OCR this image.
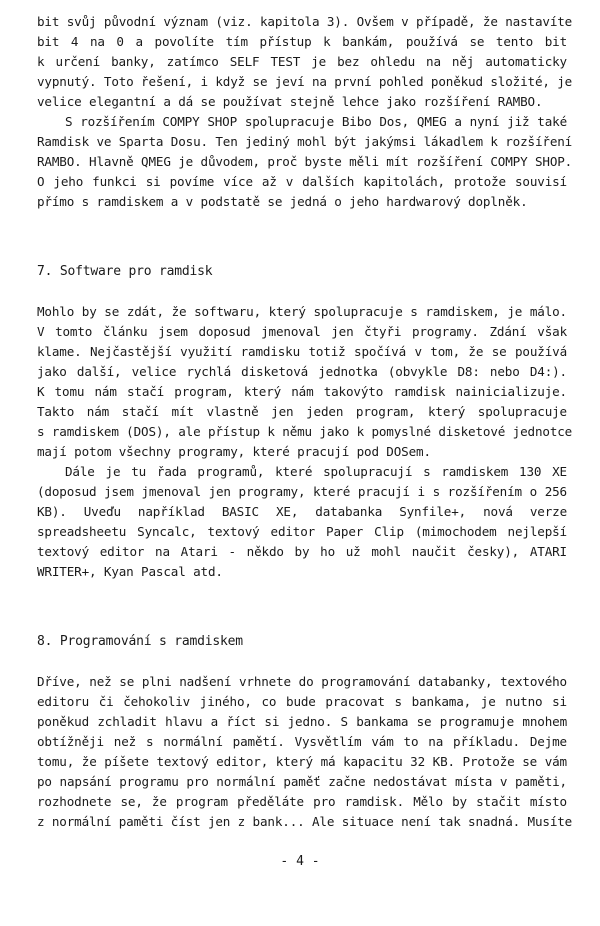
bit svůj původní význam (viz. kapitola 3). Ovšem v případě, že nastavíte
bit 4 na 0 a povolíte tím přístup k bankám, používá se tento bit
k určení banky, zatímco SELF TEST je bez ohledu na něj automaticky
vypnutý. Toto řešení, i když se jeví na první pohled poněkud složité, je
velice elegantní a dá se používat stejně lehce jako rozšíření RAMBO.
S rozšířením COMPY SHOP spolupracuje Bibo Dos, QMEG a nyní již také
Ramdisk ve Sparta Dosu. Ten jediný mohl být jakýmsi lákadlem k rozšíření
RAMBO. Hlavně QMEG je důvodem, proč byste měli mít rozšíření COMPY SHOP.
O jeho funkci si povíme více až v dalších kapitolách, protože souvisí
přímo s ramdiskem a v podstatě se jedná o jeho hardwarový doplněk.
7. Software pro ramdisk
Mohlo by se zdát, že softwaru, který spolupracuje s ramdiskem, je málo.
V tomto článku jsem doposud jmenoval jen čtyři programy. Zdání však
klame. Nejčastější využití ramdisku totiž spočívá v tom, že se používá
jako další, velice rychlá disketová jednotka (obvykle D8: nebo D4:).
K tomu nám stačí program, který nám takovýto ramdisk nainicializuje.
Takto nám stačí mít vlastně jen jeden program, který spolupracuje
s ramdiskem (DOS), ale přístup k němu jako k pomyslné disketové jednotce
mají potom všechny programy, které pracují pod DOSem.
Dále je tu řada programů, které spolupracují s ramdiskem 130 XE
(doposud jsem jmenoval jen programy, které pracují i s rozšířením o 256
KB). Uveďu například BASIC XE, databanka Synfile+, nová verze
spreadsheetu Syncalc, textový editor Paper Clip (mimochodem nejlepší
textový editor na Atari - někdo by ho už mohl naučit česky), ATARI
WRITER+, Kyan Pascal atd.
8. Programování s ramdiskem
Dříve, než se plni nadšení vrhnete do programování databanky, textového
editoru či čehokoliv jiného, co bude pracovat s bankama, je nutno si
poněkud zchladit hlavu a říct si jedno. S bankama se programuje mnohem
obtížněji než s normální pamětí. Vysvětlím vám to na příkladu. Dejme
tomu, že píšete textový editor, který má kapacitu 32 KB. Protože se vám
po napsání programu pro normální paměť začne nedostávat místa v paměti,
rozhodnete se, že program předěláte pro ramdisk. Mělo by stačit místo
z normální paměti číst jen z bank... Ale situace není tak snadná. Musíte
- 4 -
